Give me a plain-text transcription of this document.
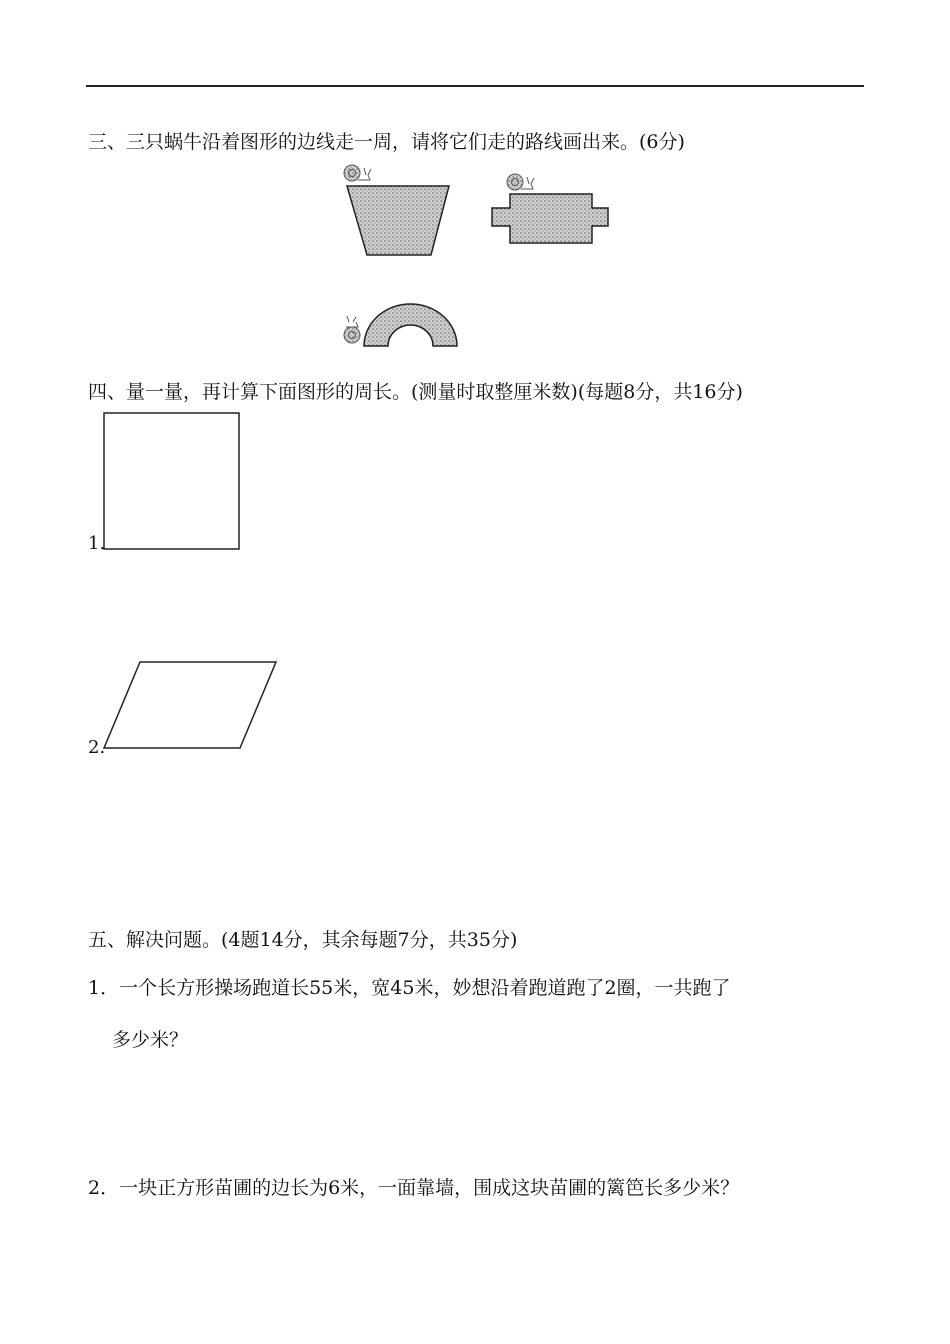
三、三只蜗牛沿着图形的边线走一周，请将它们走的路线画出来。(6分)
四、量一量，再计算下面图形的周长。(测量时取整厘米数)(每题8分，共16分)
1.
2.
五、解决问题。(4题14分，其余每题7分，共35分)
1．一个长方形操场跑道长55米，宽45米，妙想沿着跑道跑了2圈，一共跑了
多少米？
2．一块正方形苗圃的边长为6米，一面靠墙，围成这块苗圃的篱笆长多少米？
